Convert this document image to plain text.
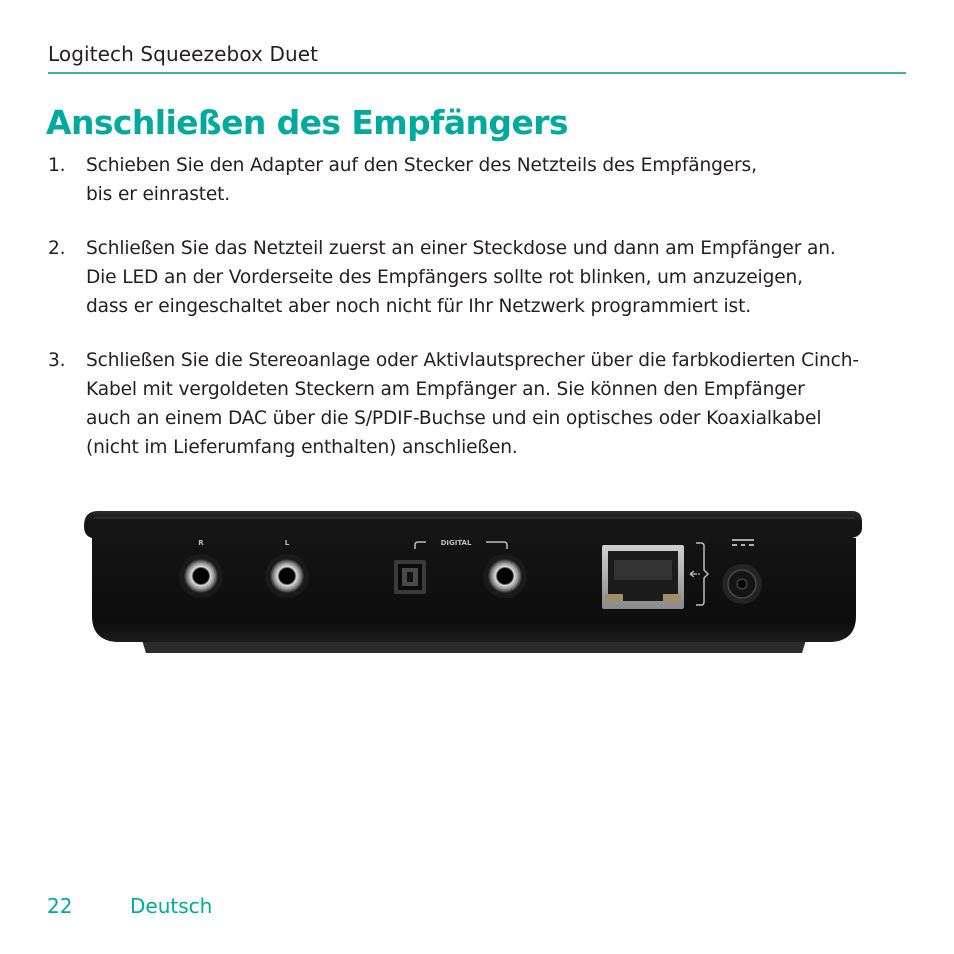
Logitech Squeezebox Duet
Anschließen des Empfängers
1. Schieben Sie den Adapter auf den Stecker des Netzteils des Empfängers,
bis er einrastet.
2. Schließen Sie das Netzteil zuerst an einer Steckdose und dann am Empfänger an.
Die LED an der Vorderseite des Empfängers sollte rot blinken, um anzuzeigen,
dass er eingeschaltet aber noch nicht für Ihr Netzwerk programmiert ist.
3. Schließen Sie die Stereoanlage oder Aktivlautsprecher über die farbkodierten Cinch-
Kabel mit vergoldeten Steckern am Empfänger an. Sie können den Empfänger
auch an einem DAC über die S/PDIF-Buchse und ein optisches oder Koaxialkabel
(nicht im Lieferumfang enthalten) anschließen.
R	L	DIGITAL
22	Deutsch
